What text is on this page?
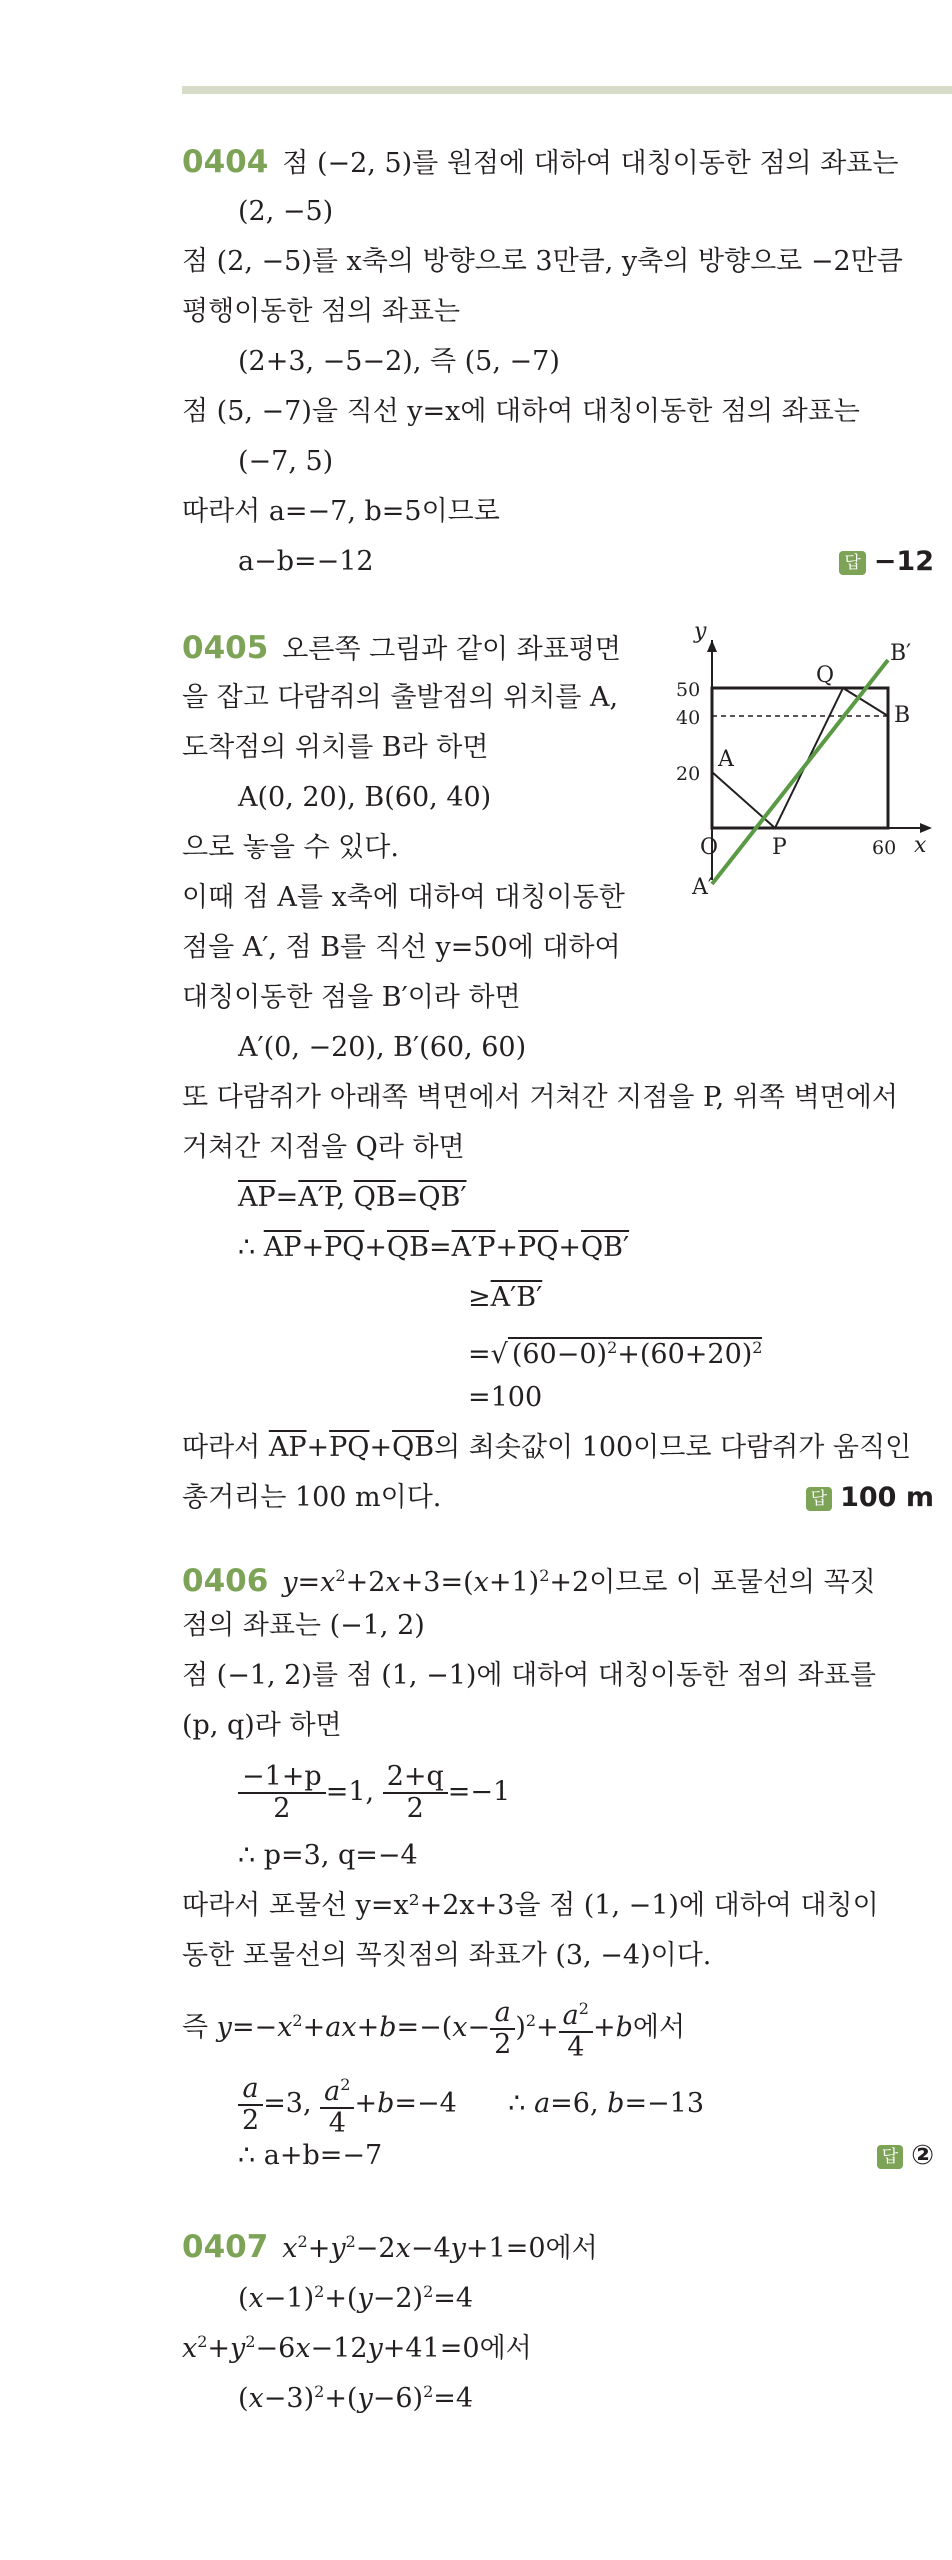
0404 점 (−2, 5)를 원점에 대하여 대칭이동한 점의 좌표는
(2, −5)
점 (2, −5)를 x축의 방향으로 3만큼, y축의 방향으로 −2만큼
평행이동한 점의 좌표는
(2+3, −5−2), 즉 (5, −7)
점 (5, −7)을 직선 y=x에 대하여 대칭이동한 점의 좌표는
(−7, 5)
따라서 a=−7, b=5이므로
a−b=−12	답 −12
0405 오른쪽 그림과 같이 좌표평면
을 잡고 다람쥐의 출발점의 위치를 A,
도착점의 위치를 B라 하면
A(0, 20), B(60, 40)
으로 놓을 수 있다.
이때 점 A를 x축에 대하여 대칭이동한
점을 A′, 점 B를 직선 y=50에 대하여
대칭이동한 점을 B′이라 하면
A′(0, −20), B′(60, 60)
또 다람쥐가 아래쪽 벽면에서 거쳐간 지점을 P, 위쪽 벽면에서
거쳐간 지점을 Q라 하면
$\overline{AP}=A'P$, $\overline{QB}=QB'$
∴ $\overline{AP}+\overline{PQ}+\overline{QB}=A'P+\overline{PQ}+QB'$
≥A′B′
=√ $(60-0)^2+(60+20)^2$
=100
따라서 $\overline{AP}+\overline{PQ}+\overline{QB}$의 최솟값이 100이므로 다람쥐가 움직인
총거리는 100 m이다.	답 100 m
y
x
O
A
B
B′
A′
P
Q
50
40
20
60
0406 $y=x^2+2x+3=(x+1)^2+2$이므로 이 포물선의 꼭짓
점의 좌표는 (−1, 2)
점 (−1, 2)를 점 (1, −1)에 대하여 대칭이동한 점의 좌표를
(p, q)라 하면
$\frac{-1+p}{2} =1$, $\frac{2+q}{2} =-1$
∴ p=3, q=−4
따라서 포물선 y=x²+2x+3을 점 (1, −1)에 대하여 대칭이
동한 포물선의 꼭짓점의 좌표가 (3, −4)이다.
즉 $y=-x^2+ax+b=-(x- \frac{a}{2} )^2+ \frac{a^2}{4} +b$에서
$\frac{a}{2} =3$, $\frac{a^2}{4} +b=-4$      ∴ a=6, b=−13
∴ a+b=−7	답 ②
0407 $x^2+y^2-2x-4y+1=0$에서
$(x-1)^2+(y-2)^2=4$
$x^2+y^2-6x-12y+41=0$에서
$(x-3)^2+(y-6)^2=4$
